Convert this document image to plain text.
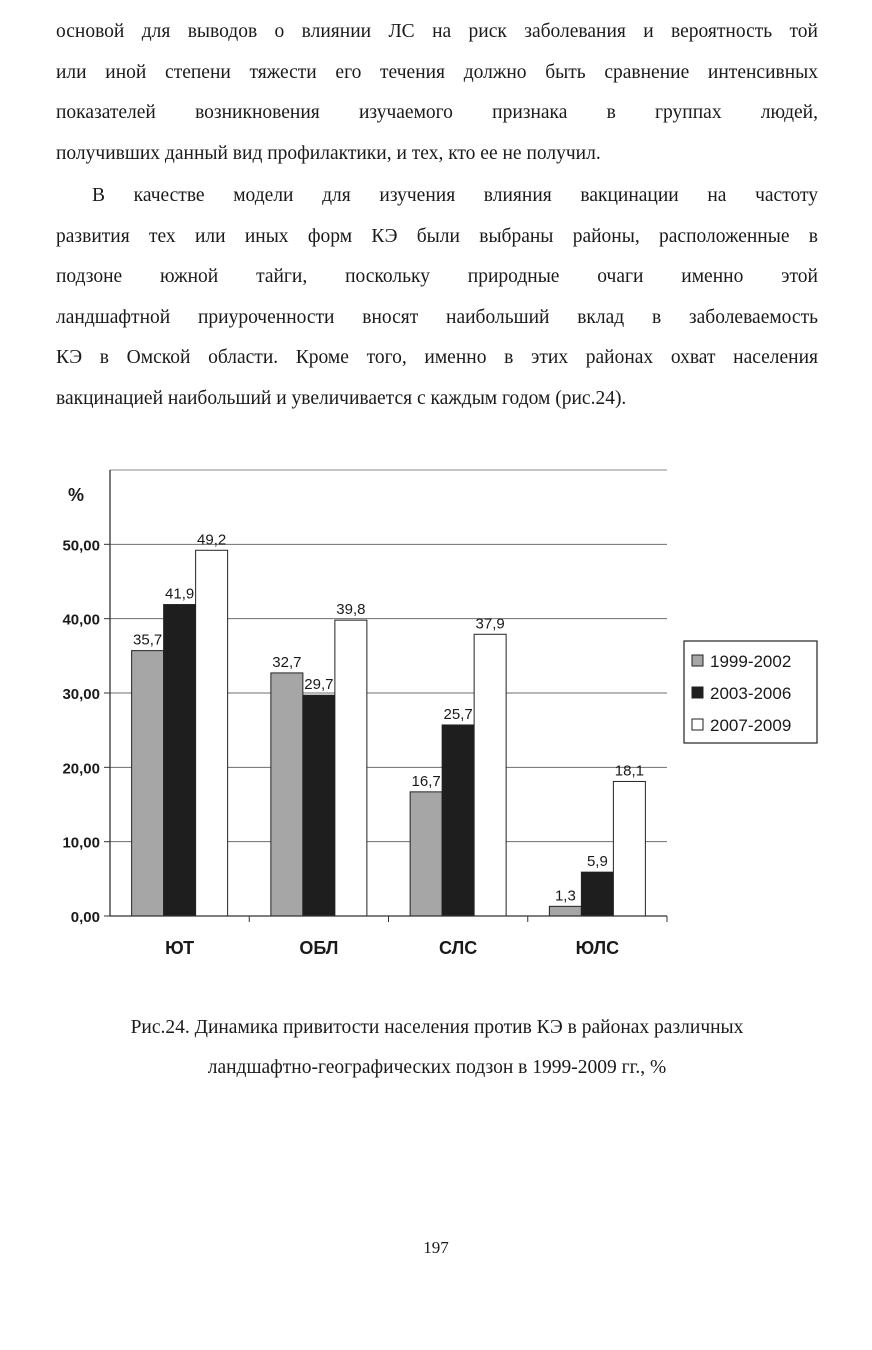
основой для выводов о влиянии ЛС на риск заболевания и вероятность той
или иной степени тяжести его течения должно быть сравнение интенсивных
показателей возникновения изучаемого признака в группах людей,
получивших данный вид профилактики, и тех, кто ее не получил.
В качестве модели для изучения влияния вакцинации на частоту
развития тех или иных форм КЭ были выбраны районы, расположенные в
подзоне южной тайги, поскольку природные очаги именно этой
ландшафтной приуроченности вносят наибольший вклад в заболеваемость
КЭ в Омской области. Кроме того, именно в этих районах охват населения
вакцинацией наибольший и увеличивается с каждым годом (рис.24).
0,00
10,00
20,00
30,00
40,00
50,00
%
35,7
41,9
49,2
ЮТ
32,7
29,7
39,8
ОБЛ
16,7
25,7
37,9
СЛС
1,3
5,9
18,1
ЮЛС
1999-2002
2003-2006
2007-2009
Рис.24. Динамика привитости населения против КЭ в районах различных
ландшафтно-географических подзон в 1999-2009 гг., %
197
